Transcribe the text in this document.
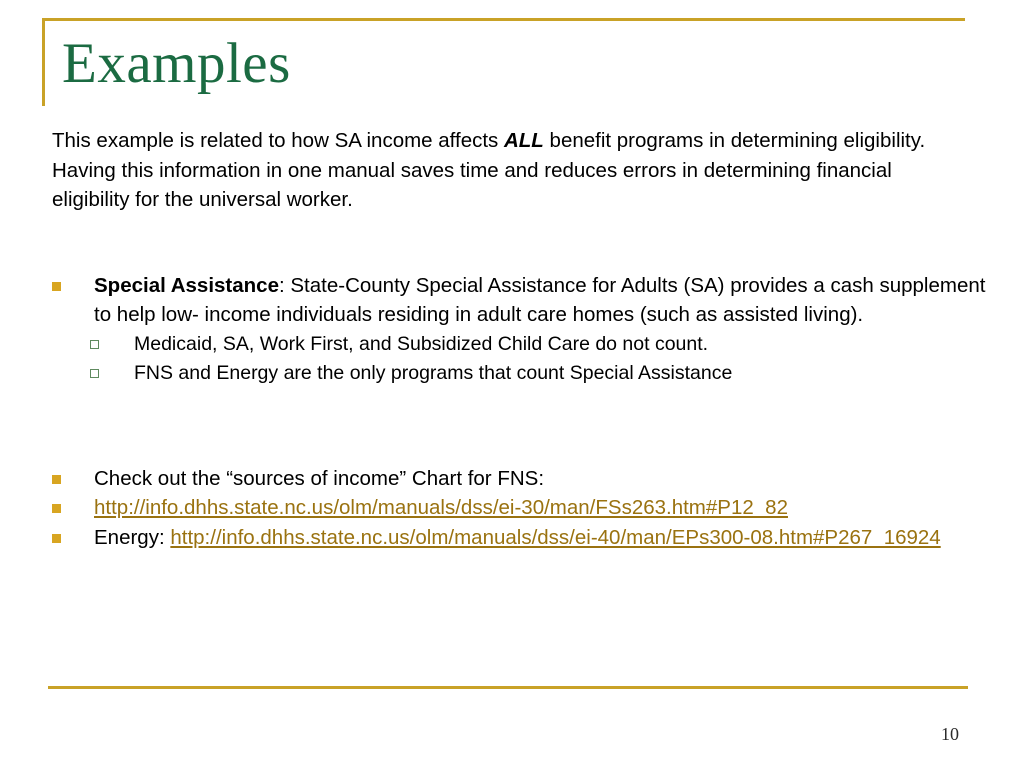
Examples

This example is related to how SA income affects ALL benefit programs in determining eligibility. Having this information in one manual saves time and reduces errors in determining financial eligibility for the universal worker.

Special Assistance: State-County Special Assistance for Adults (SA) provides a cash supplement to help low- income individuals residing in adult care homes (such as assisted living).
Medicaid, SA, Work First, and Subsidized Child Care do not count.
FNS and Energy are the only programs that count Special Assistance
Check out the “sources of income” Chart for FNS:
http://info.dhhs.state.nc.us/olm/manuals/dss/ei-30/man/FSs263.htm#P12_82
Energy: http://info.dhhs.state.nc.us/olm/manuals/dss/ei-40/man/EPs300-08.htm#P267_16924
10
